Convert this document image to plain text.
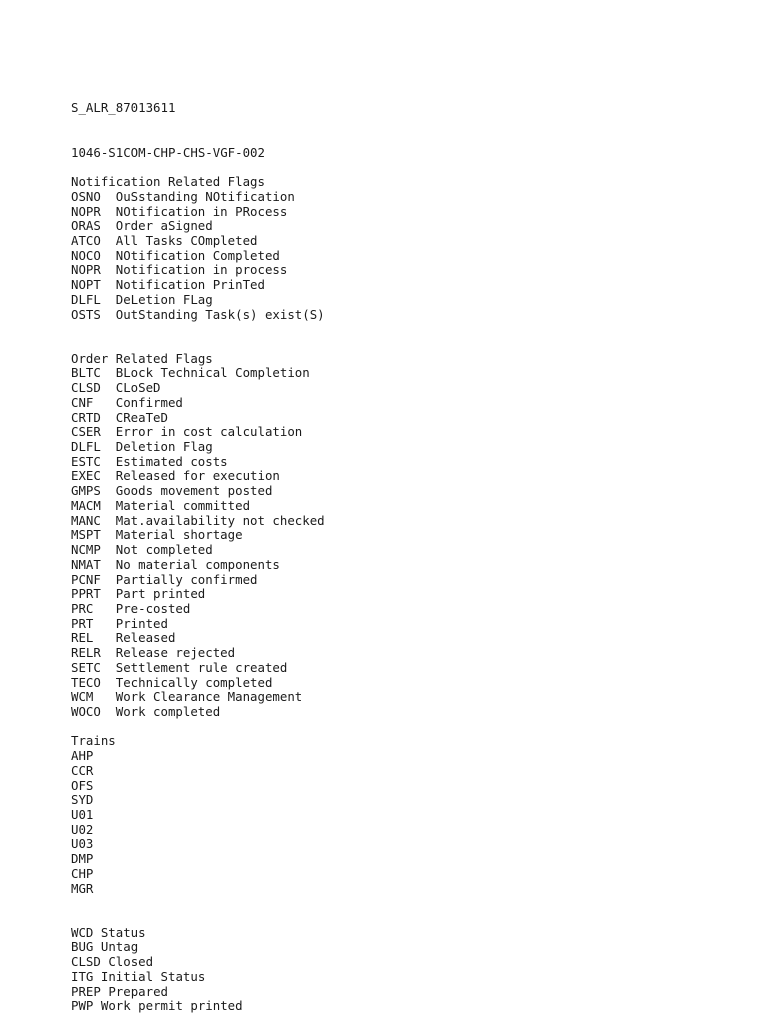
S_ALR_87013611

1046-S1COM-CHP-CHS-VGF-002

Notification Related Flags
OSNO OuSstanding NOtification
NOPR NOtification in PRocess
ORAS Order aSigned
ATCO All Tasks COmpleted
NOCO NOtification Completed
NOPR Notification in process
NOPT Notification PrinTed
DLFL DeLetion FLag
OSTS OutStanding Task(s) exist(S)
Order Related Flags
BLTC BLock Technical Completion
CLSD CLoSeD
CNF Confirmed
CRTD CReaTeD
CSER Error in cost calculation
DLFL Deletion Flag
ESTC Estimated costs
EXEC Released for execution
GMPS Goods movement posted
MACM Material committed
MANC Mat.availability not checked
MSPT Material shortage
NCMP Not completed
NMAT No material components
PCNF Partially confirmed
PPRT Part printed
PRC Pre-costed
PRT Printed
REL Released
RELR Release rejected
SETC Settlement rule created
TECO Technically completed
WCM Work Clearance Management
WOCO Work completed
Trains
AHP
CCR
OFS
SYD
U01
U02
U03
DMP
CHP
MGR
WCD Status
BUG Untag
CLSD Closed
ITG Initial Status
PREP Prepared
PWP Work permit printed
